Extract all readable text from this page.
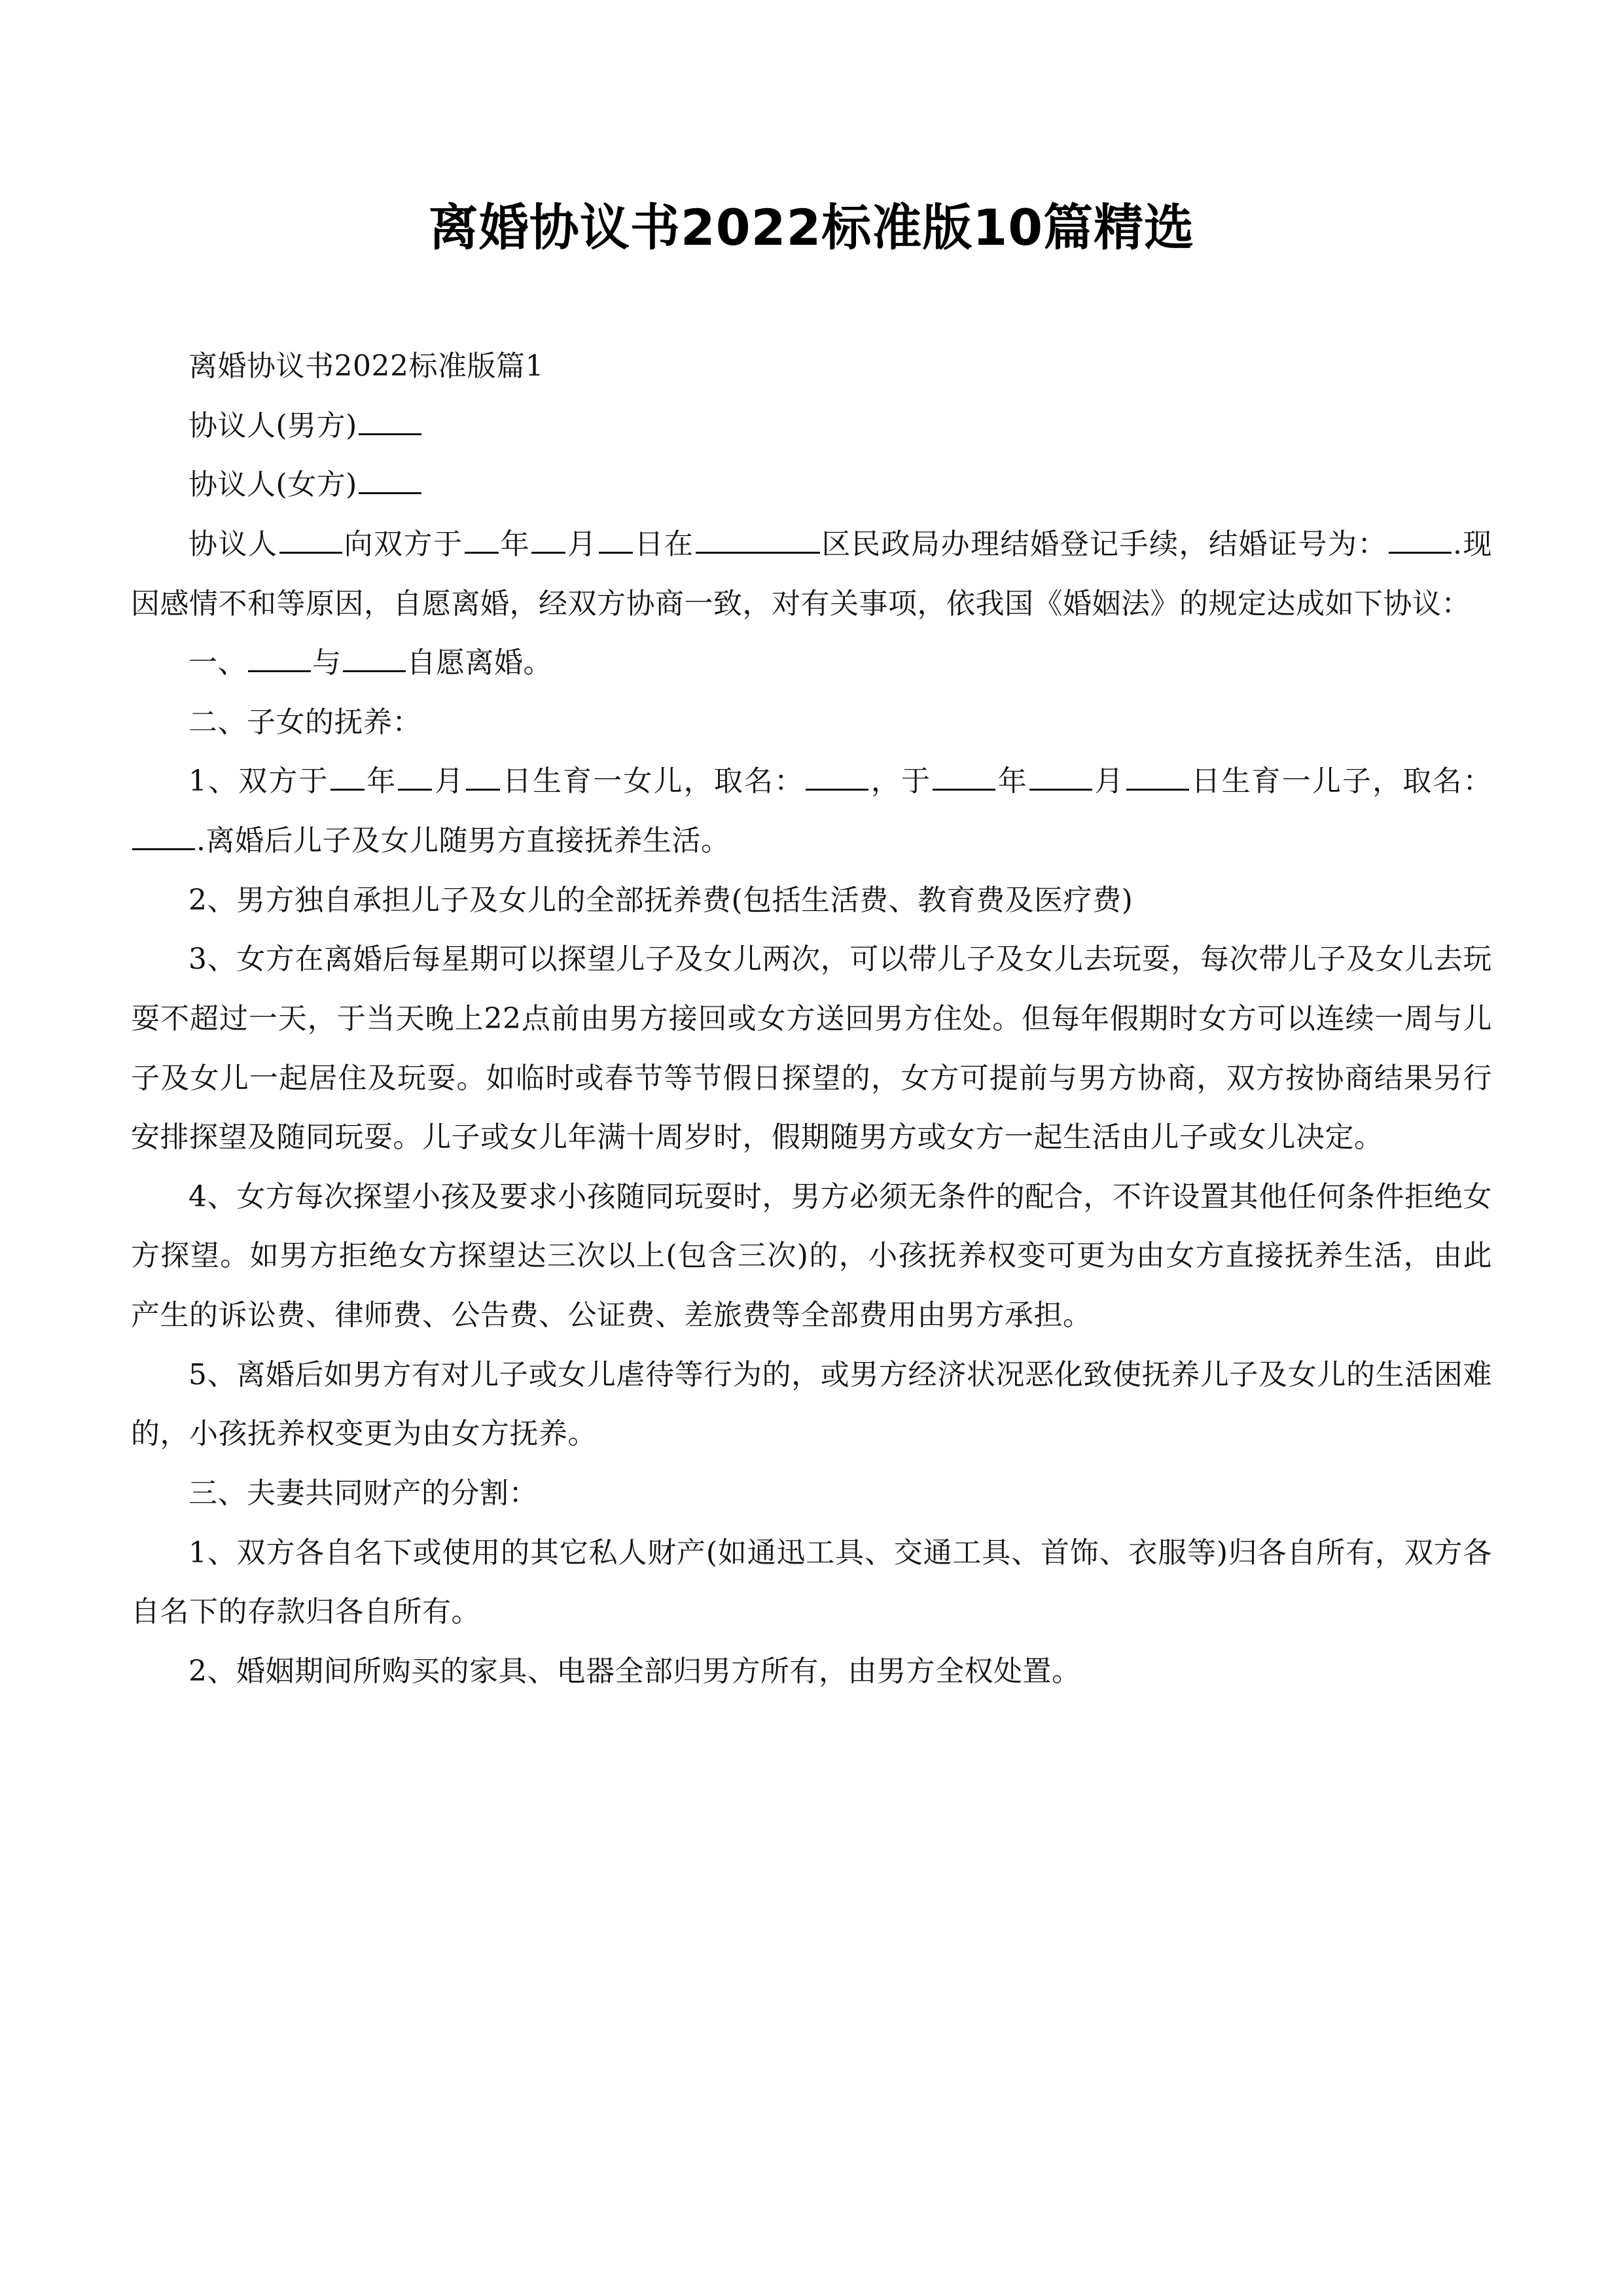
离婚协议书2022标准版10篇精选

离婚协议书2022标准版篇1

协议人(男方)

协议人(女方)

协议人 向双方于 年 月 日在	区民政局办理结婚登记手续，结婚证号为： .现因感情不和等原因，自愿离婚，经双方协商一致，对有关事项，依我国《婚姻法》的规定达成如下协议：

一、 与 自愿离婚。

二、子女的抚养：

1、双方于 年 月 日生育一女儿，取名： ，于 年 月 日生育一儿子，取名：.离婚后儿子及女儿随男方直接抚养生活。

2、男方独自承担儿子及女儿的全部抚养费(包括生活费、教育费及医疗费)

3、女方在离婚后每星期可以探望儿子及女儿两次，可以带儿子及女儿去玩耍，每次带儿子及女儿去玩耍不超过一天，于当天晚上22点前由男方接回或女方送回男方住处。但每年假期时女方可以连续一周与儿子及女儿一起居住及玩耍。如临时或春节等节假日探望的，女方可提前与男方协商，双方按协商结果另行安排探望及随同玩耍。儿子或女儿年满十周岁时，假期随男方或女方一起生活由儿子或女儿决定。

4、女方每次探望小孩及要求小孩随同玩耍时，男方必须无条件的配合，不许设置其他任何条件拒绝女方探望。如男方拒绝女方探望达三次以上(包含三次)的，小孩抚养权变可更为由女方直接抚养生活，由此产生的诉讼费、律师费、公告费、公证费、差旅费等全部费用由男方承担。

5、离婚后如男方有对儿子或女儿虐待等行为的，或男方经济状况恶化致使抚养儿子及女儿的生活困难的，小孩抚养权变更为由女方抚养。

三、夫妻共同财产的分割：

1、双方各自名下或使用的其它私人财产(如通迅工具、交通工具、首饰、衣服等)归各自所有，双方各自名下的存款归各自所有。

2、婚姻期间所购买的家具、电器全部归男方所有，由男方全权处置。
